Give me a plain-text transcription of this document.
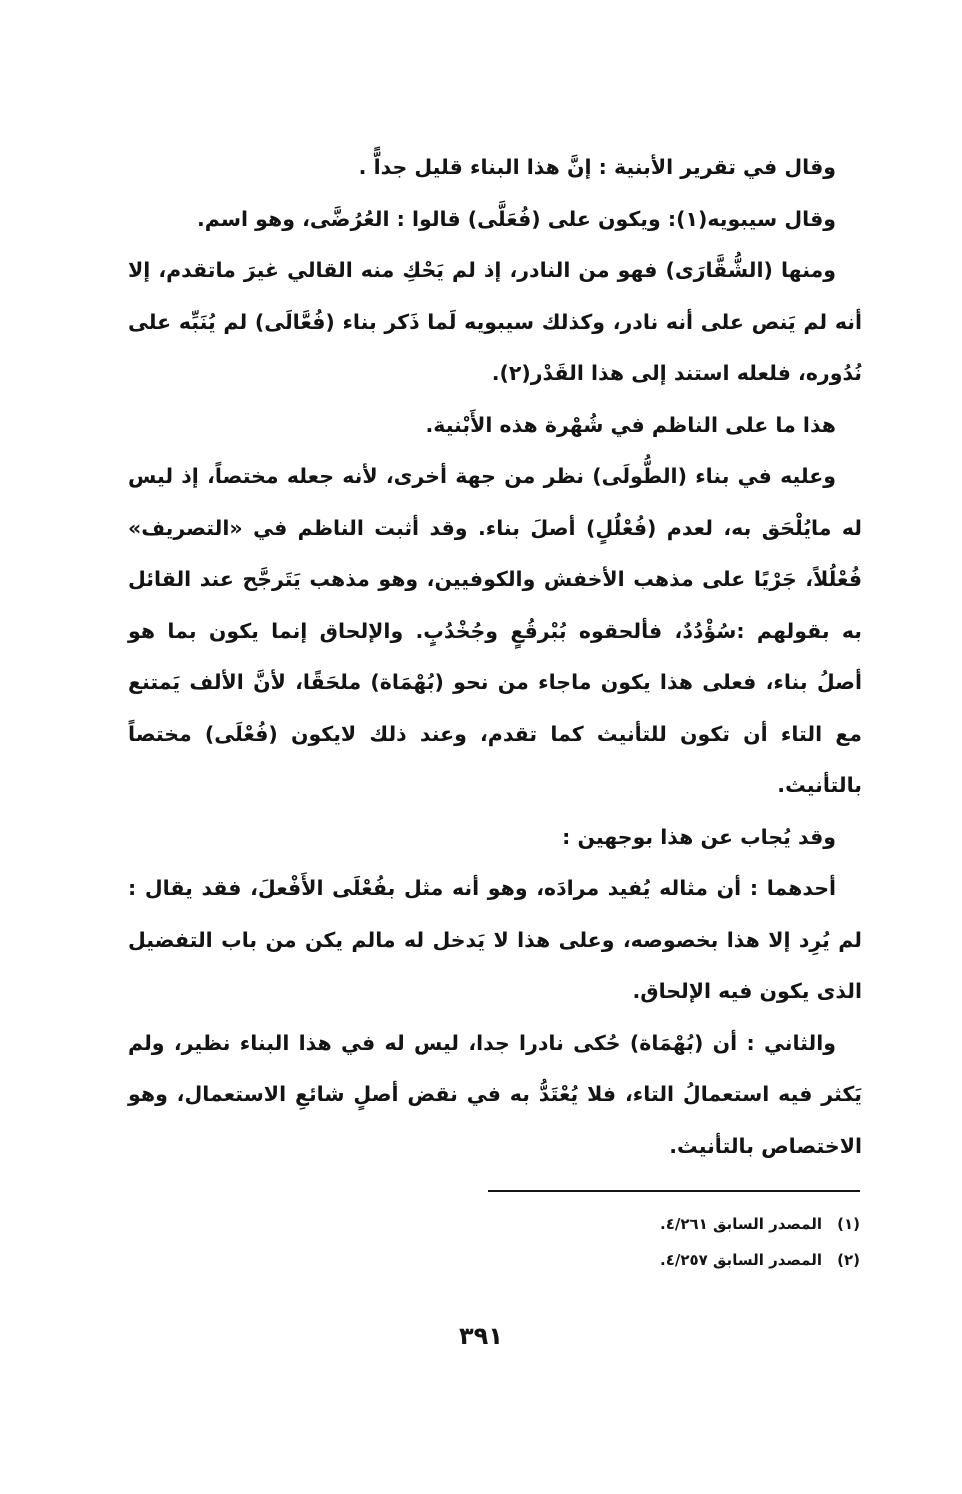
وقال في تقرير الأبنية : إنَّ هذا البناء قليل جداًّ .

وقال سيبويه(١): ويكون على (فُعَلَّى) قالوا : العُرُضَّى، وهو اسم.

ومنها (الشُّقَّارَى) فهو من النادر، إذ لم يَحْكِ منه القالي غيرَ ماتقدم، إلا أنه لم يَنص على أنه نادر، وكذلك سيبويه لَما ذَكر بناء (فُعَّالَى) لم يُنَبِّه على نُدُوره، فلعله استند إلى هذا القَدْر(٢).

هذا ما على الناظم في شُهْرة هذه الأَبْنية.

وعليه في بناء (الطُّولَى) نظر من جهة أخرى، لأنه جعله مختصاً، إذ ليس له مايُلْحَق به، لعدم (فُعْلُلٍ) أصلَ بناء. وقد أثبت الناظم في «التصريف» فُعْلُلاً، جَرْيًا على مذهب الأخفش والكوفيين، وهو مذهب يَتَرجَّح عند القائل به بقولهم :سُؤْدُدٌ، فألحقوه بُبْرقُعٍ وجُخْدُبٍ. والإلحاق إنما يكون بما هو أصلُ بناء، فعلى هذا يكون ماجاء من نحو (بُهْمَاة) ملحَقًا، لأنَّ الألف يَمتنع مع التاء أن تكون للتأنيث كما تقدم، وعند ذلك لايكون (فُعْلَى) مختصاً بالتأنيث.

وقد يُجاب عن هذا بوجهين :

أحدهما : أن مثاله يُفيد مرادَه، وهو أنه مثل بفُعْلَى الأَفْعلَ، فقد يقال : لم يُرِد إلا هذا بخصوصه، وعلى هذا لا يَدخل له مالم يكن من باب التفضيل الذى يكون فيه الإلحاق.

والثاني : أن (بُهْمَاة) حُكى نادرا جدا، ليس له في هذا البناء نظير، ولم يَكثر فيه استعمالُ التاء، فلا يُعْتَدُّ به في نقض أصلٍ شائعِ الاستعمال، وهو الاختصاص بالتأنيث.

(١)
المصدر السابق ٤/٢٦١.
(٢)
المصدر السابق ٤/٢٥٧.
٣٩١
